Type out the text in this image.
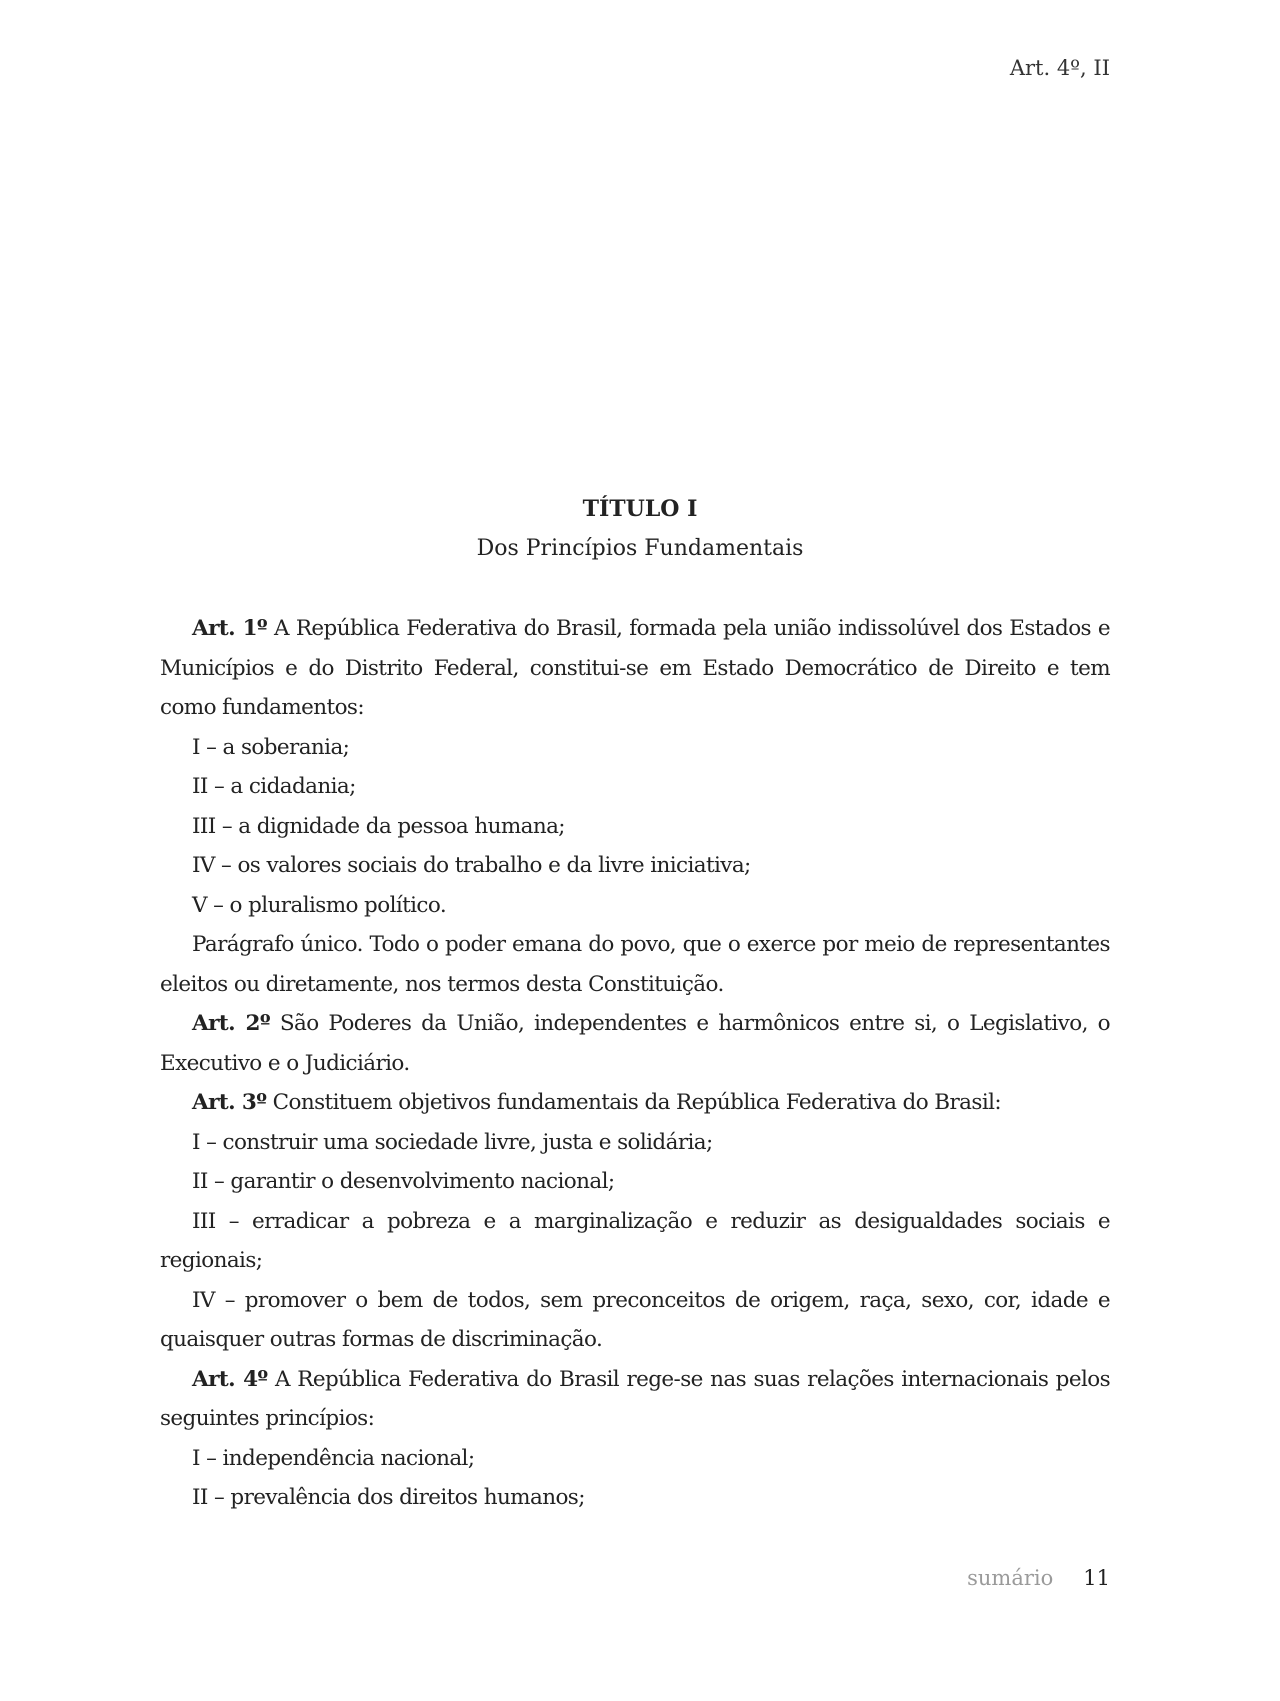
Art. 4º, II
TÍTULO I
Dos Princípios Fundamentais

Art. 1º A República Federativa do Brasil, formada pela união indissolúvel dos Estados e Municípios e do Distrito Federal, constitui-se em Estado Democrático de Direito e tem como fundamentos:

I – a soberania;

II – a cidadania;

III – a dignidade da pessoa humana;

IV – os valores sociais do trabalho e da livre iniciativa;

V – o pluralismo político.

Parágrafo único. Todo o poder emana do povo, que o exerce por meio de representantes eleitos ou diretamente, nos termos desta Constituição.

Art. 2º São Poderes da União, independentes e harmônicos entre si, o Legislativo, o Executivo e o Judiciário.

Art. 3º Constituem objetivos fundamentais da República Federativa do Brasil:

I – construir uma sociedade livre, justa e solidária;

II – garantir o desenvolvimento nacional;

III – erradicar a pobreza e a marginalização e reduzir as desigualdades sociais e regionais;

IV – promover o bem de todos, sem preconceitos de origem, raça, sexo, cor, idade e quaisquer outras formas de discriminação.

Art. 4º A República Federativa do Brasil rege-se nas suas relações internacionais pelos seguintes princípios:

I – independência nacional;

II – prevalência dos direitos humanos;

sumário 11
